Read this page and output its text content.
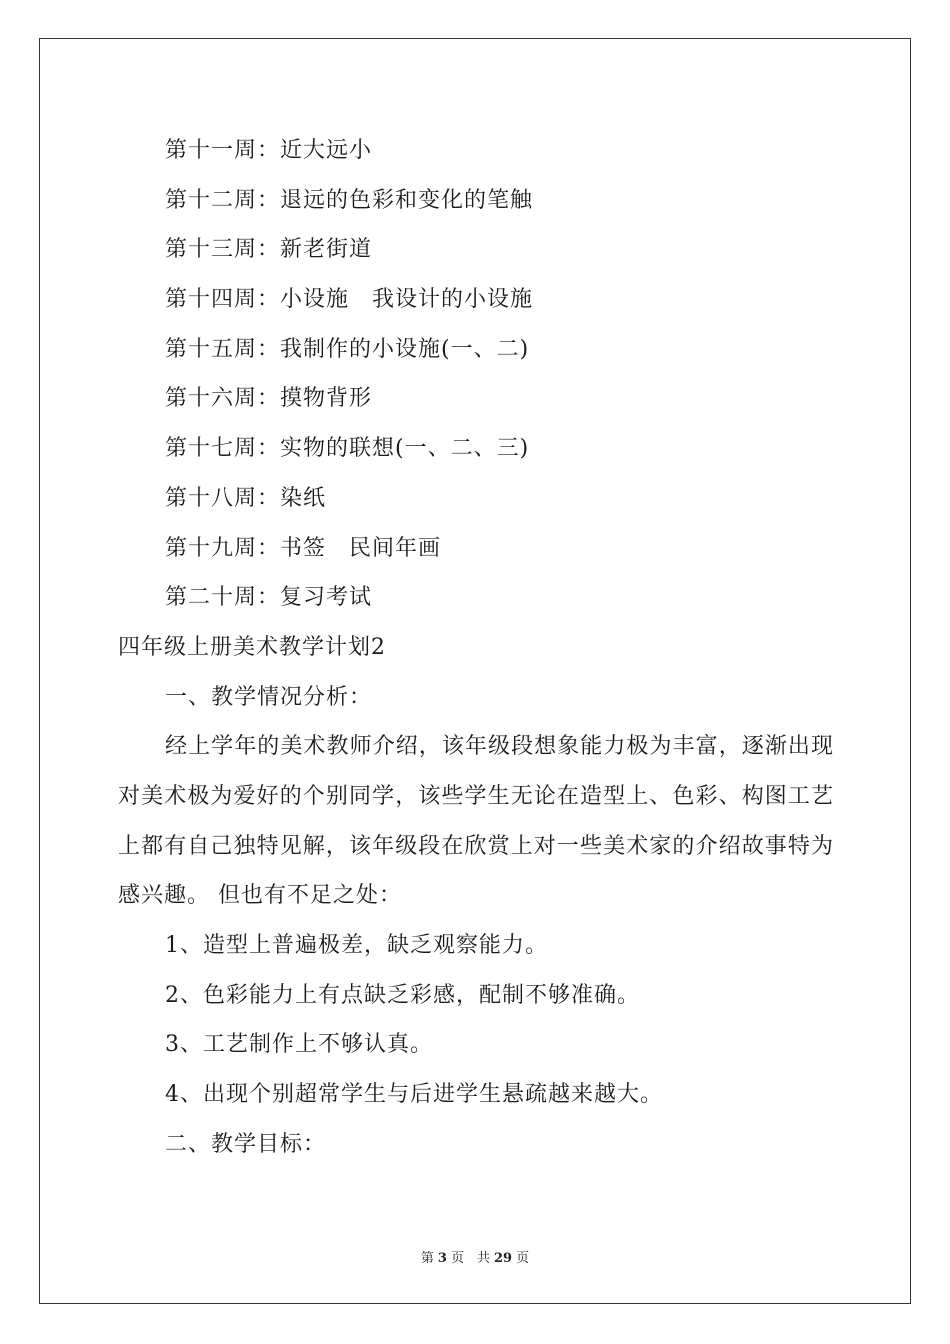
第十一周：近大远小
第十二周：退远的色彩和变化的笔触
第十三周：新老街道
第十四周：小设施　我设计的小设施
第十五周：我制作的小设施(一、二)
第十六周：摸物背形
第十七周：实物的联想(一、二、三)
第十八周：染纸
第十九周：书签　民间年画
第二十周：复习考试
四年级上册美术教学计划2
一、教学情况分析：
经上学年的美术教师介绍，该年级段想象能力极为丰富，逐渐出现对美术极为爱好的个别同学，该些学生无论在造型上、色彩、构图工艺上都有自己独特见解，该年级段在欣赏上对一些美术家的介绍故事特为感兴趣。 但也有不足之处：
1、造型上普遍极差，缺乏观察能力。
2、色彩能力上有点缺乏彩感，配制不够准确。
3、工艺制作上不够认真。
4、出现个别超常学生与后进学生悬疏越来越大。
二、教学目标：
第 3 页　共 29 页
